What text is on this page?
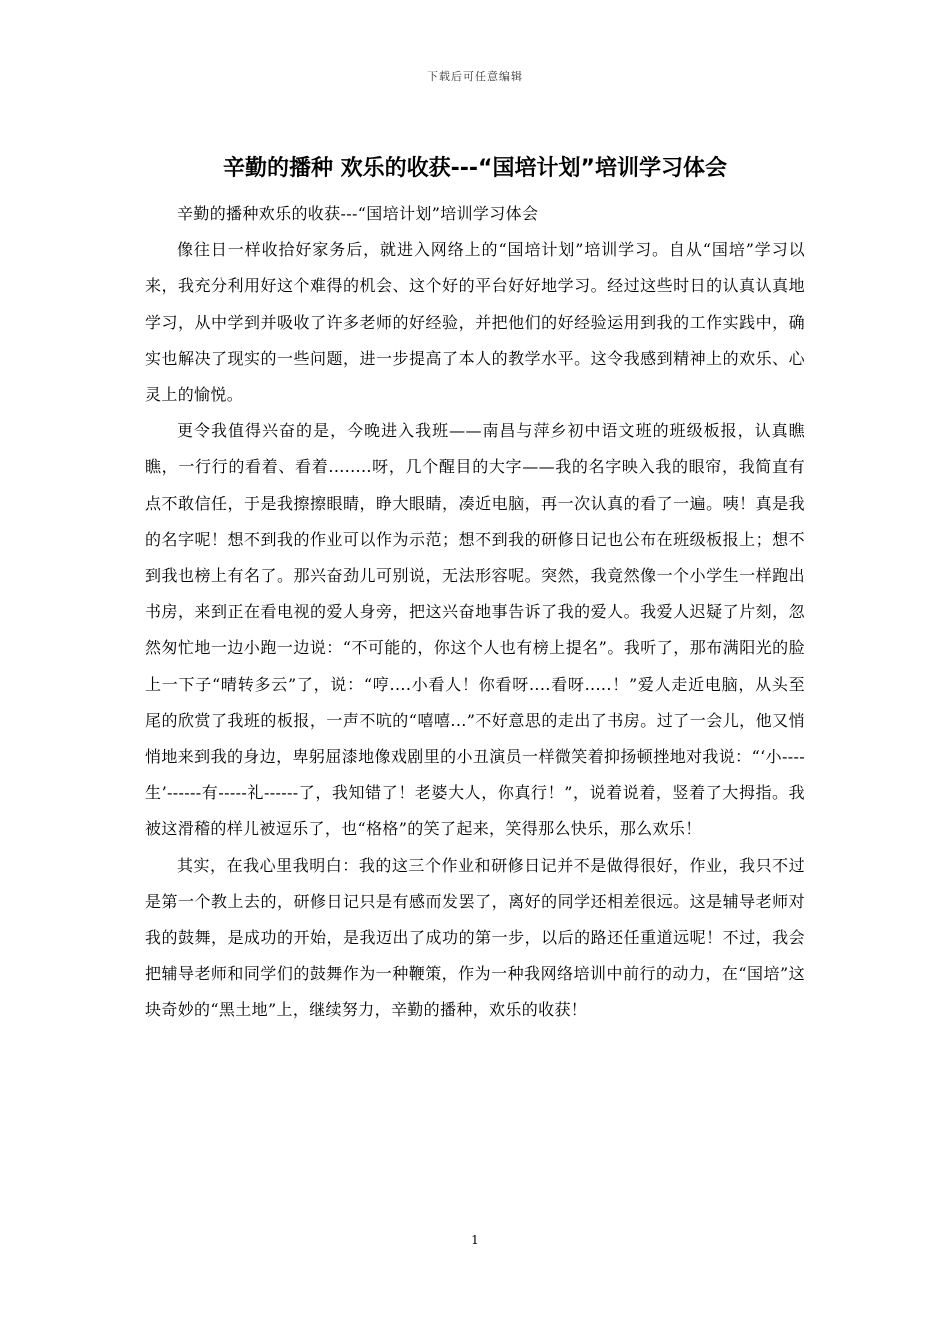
下载后可任意编辑
辛勤的播种 欢乐的收获---“国培计划”培训学习体会

辛勤的播种欢乐的收获---“国培计划”培训学习体会

像往日一样收拾好家务后，就进入网络上的“国培计划”培训学习。自从“国培”学习以来，我充分利用好这个难得的机会、这个好的平台好好地学习。经过这些时日的认真认真地学习，从中学到并吸收了许多老师的好经验，并把他们的好经验运用到我的工作实践中，确实也解决了现实的一些问题，进一步提高了本人的教学水平。这令我感到精神上的欢乐、心灵上的愉悦。

更令我值得兴奋的是，今晚进入我班——南昌与萍乡初中语文班的班级板报，认真瞧瞧，一行行的看着、看着........呀，几个醒目的大字——我的名字映入我的眼帘，我简直有点不敢信任，于是我擦擦眼睛，睁大眼睛，凑近电脑，再一次认真的看了一遍。咦！真是我的名字呢！想不到我的作业可以作为示范；想不到我的研修日记也公布在班级板报上；想不到我也榜上有名了。那兴奋劲儿可别说，无法形容呢。突然，我竟然像一个小学生一样跑出书房，来到正在看电视的爱人身旁，把这兴奋地事告诉了我的爱人。我爱人迟疑了片刻，忽然匆忙地一边小跑一边说：“不可能的，你这个人也有榜上提名”。我听了，那布满阳光的脸上一下子“晴转多云”了，说：“哼....小看人！你看呀....看呀.....！”爱人走近电脑，从头至尾的欣赏了我班的板报，一声不吭的“嘻嘻...”不好意思的走出了书房。过了一会儿，他又悄悄地来到我的身边，卑躬屈漆地像戏剧里的小丑演员一样微笑着抑扬顿挫地对我说：“‘小----生’------有-----礼------了，我知错了！老婆大人，你真行！”，说着说着，竖着了大拇指。我被这滑稽的样儿被逗乐了，也“格格”的笑了起来，笑得那么快乐，那么欢乐！

其实，在我心里我明白：我的这三个作业和研修日记并不是做得很好，作业，我只不过是第一个教上去的，研修日记只是有感而发罢了，离好的同学还相差很远。这是辅导老师对我的鼓舞，是成功的开始，是我迈出了成功的第一步，以后的路还任重道远呢！不过，我会把辅导老师和同学们的鼓舞作为一种鞭策，作为一种我网络培训中前行的动力，在“国培”这块奇妙的“黑土地”上，继续努力，辛勤的播种，欢乐的收获！

1
